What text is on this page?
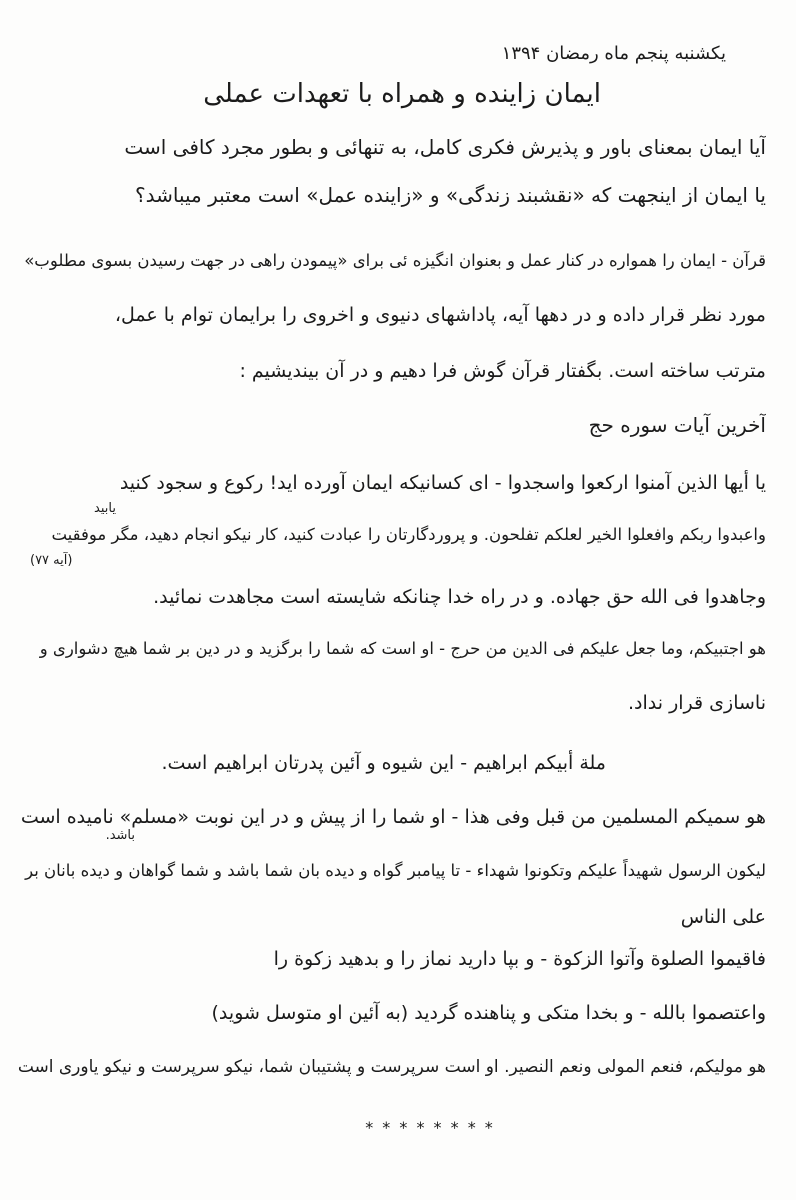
یکشنبه پنجم ماه رمضان ۱۳۹۴
ایمان زاینده و همراه با تعهدات عملی
آیا ایمان بمعنای باور و پذیرش فکری کامل، به تنهائی و بطور مجرد کافی است
یا ایمان از اینجهت که «نقشبند زندگی» و «زاینده عمل» است معتبر میباشد؟
قرآن - ایمان را همواره در کنار عمل و بعنوان انگیزه ئی برای «پیمودن راهی در جهت رسیدن بسوی مطلوب»
مورد نظر قرار داده و در دهها آیه، پاداشهای دنیوی و اخروی را برایمان توام با عمل،
مترتب ساخته است. بگفتار قرآن گوش فرا دهیم و در آن بیندیشیم :
آخرین آیات سوره حج
یا أیها الذین آمنوا ارکعوا واسجدوا - ای کسانیکه ایمان آورده اید! رکوع و سجود کنید
یابید
واعبدوا ربکم وافعلوا الخیر لعلکم تفلحون. و پروردگارتان را عبادت کنید، کار نیکو انجام دهید، مگر موفقیت
(آیه ۷۷)
وجاهدوا فی الله حق جهاده. و در راه خدا چنانکه شایسته است مجاهدت نمائید.
هو اجتبیکم، وما جعل علیکم فی الدین من حرج - او است که شما را برگزید و در دین بر شما هیچ دشواری و
ناسازی قرار نداد.
ملة أبیکم ابراهیم - این شیوه و آئین پدرتان ابراهیم است.
هو سمیکم المسلمین من قبل وفی هذا - او شما را از پیش و در این نوبت «مسلم» نامیده است
باشد.
لیکون الرسول شهیداً علیکم وتکونوا شهداء - تا پیامبر گواه و دیده بان شما باشد و شما گواهان و دیده بانان بر
علی الناس
فاقیموا الصلوة وآتوا الزکوة - و بپا دارید نماز را و بدهید زکوة را
واعتصموا بالله - و بخدا متکی و پناهنده گردید (به آئین او متوسل شوید)
هو مولیکم، فنعم المولی ونعم النصیر. او است سرپرست و پشتیبان شما، نیکو سرپرست و نیکو یاوری است
* * * * * * * *
